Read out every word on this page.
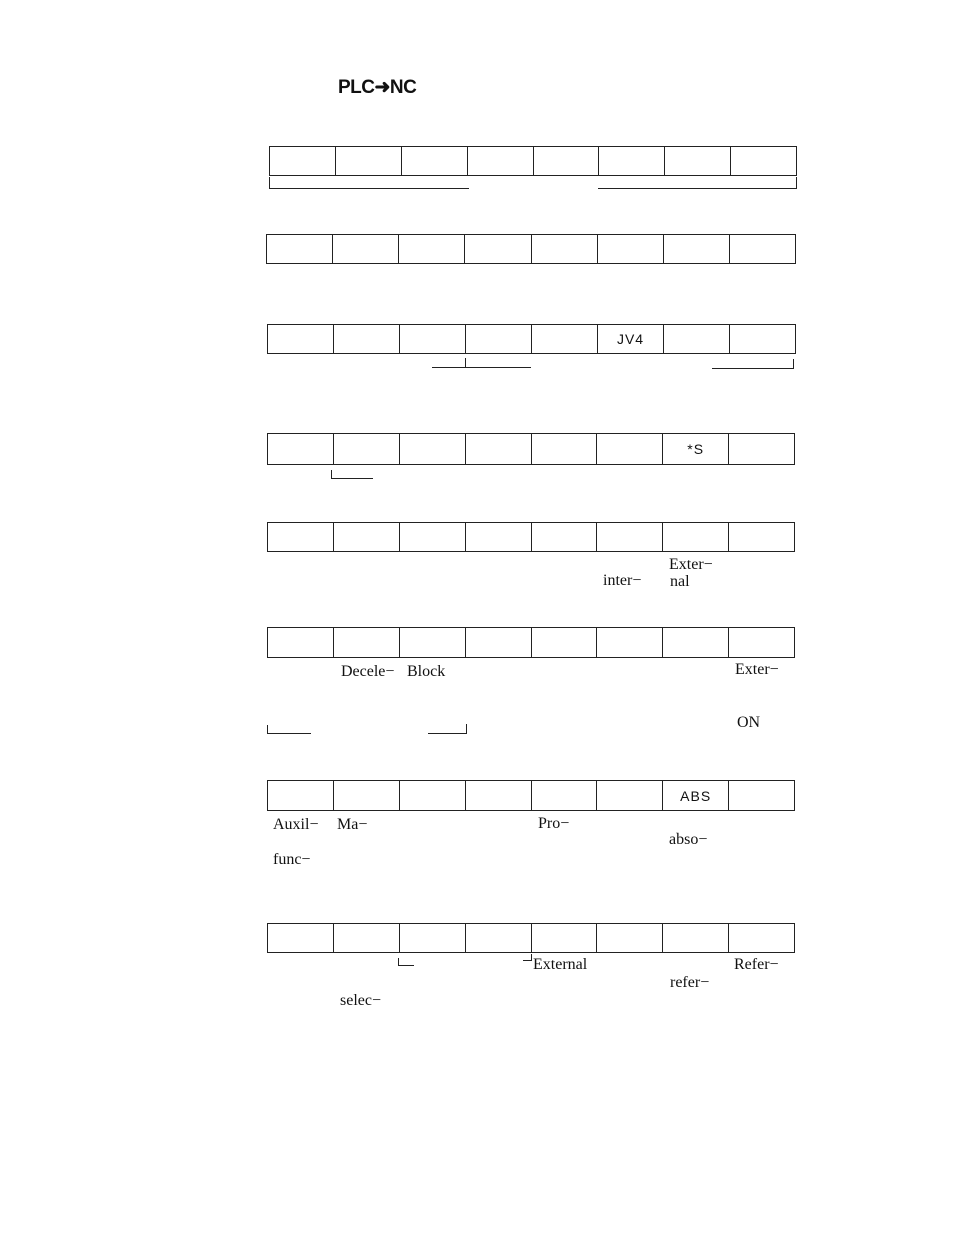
PLC➜NC
JV4
*S
Exter−
inter− nal
Decele− Block	Exter−
ON
ABS
Auxil− Ma−	Pro−
abso−
func−
External	Refer−
refer−
selec−
